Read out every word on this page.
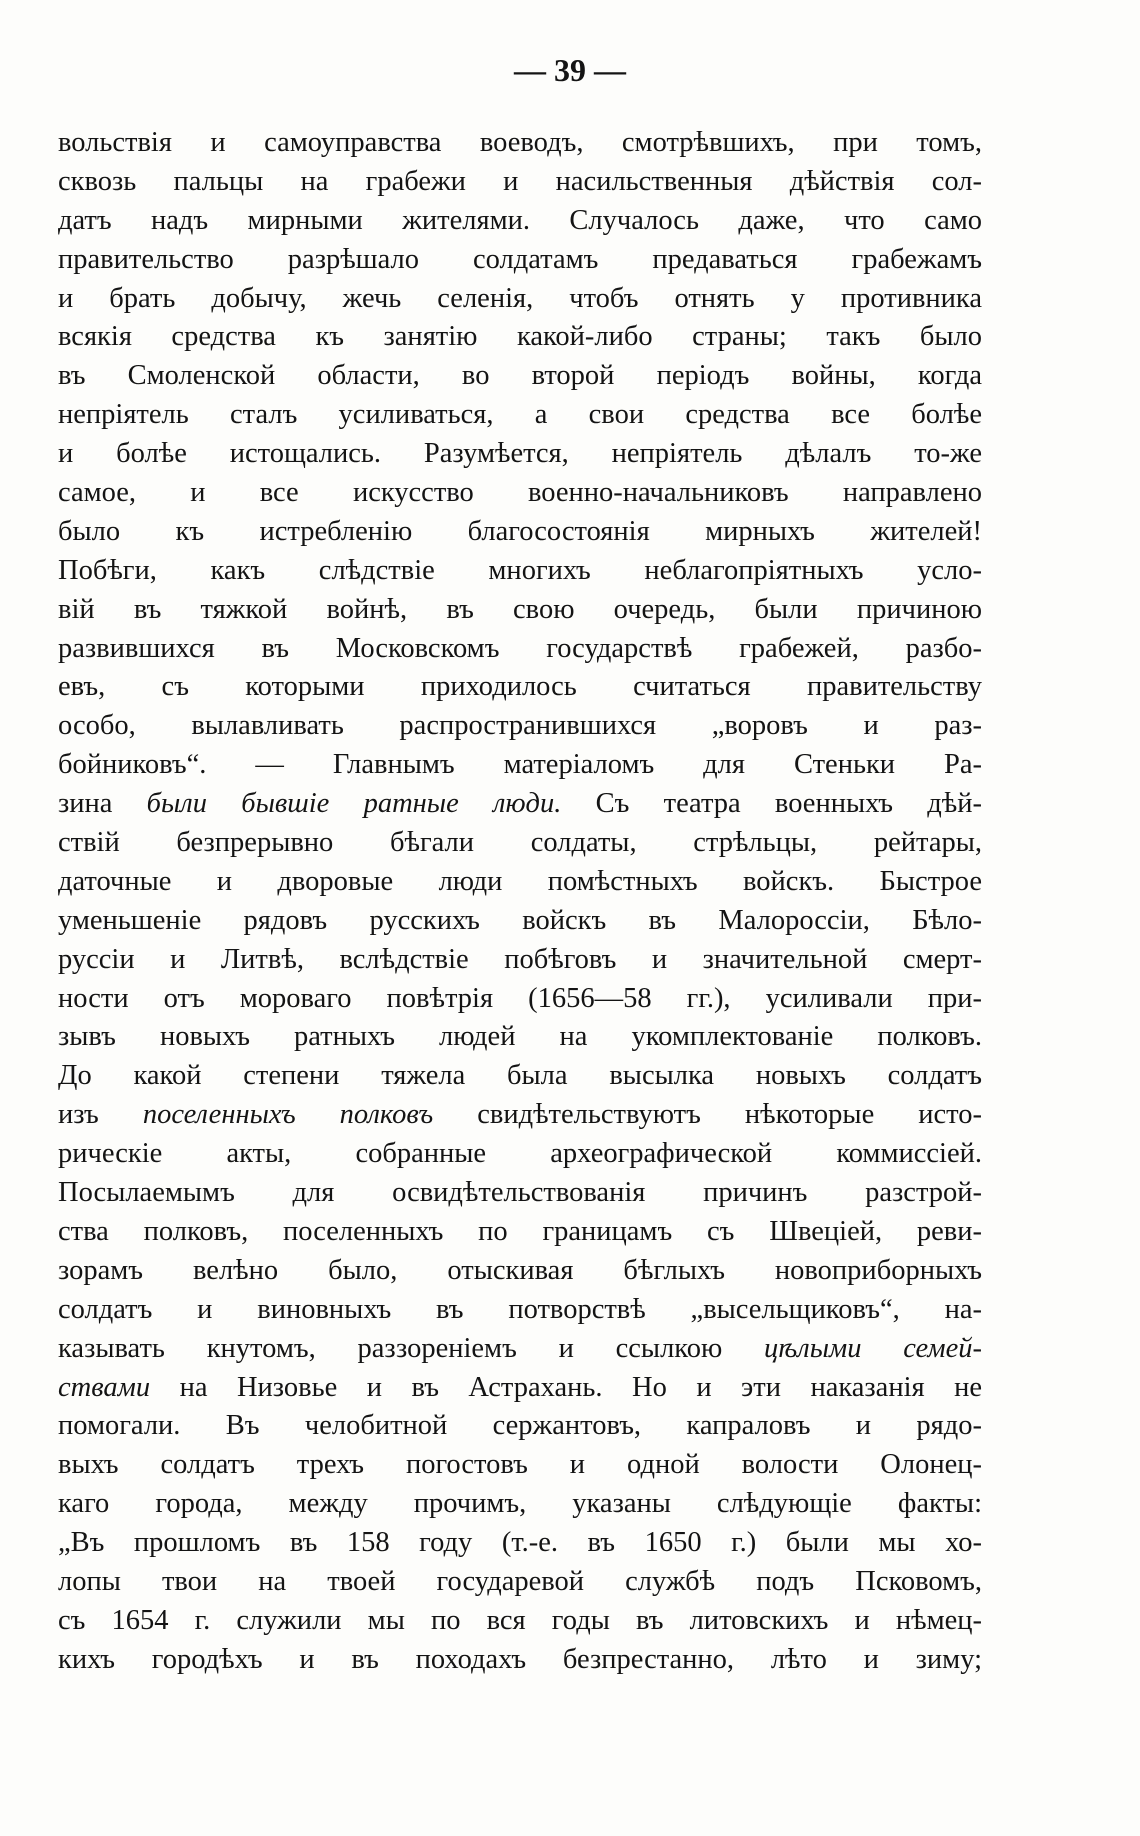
— 39 —
вольствія и самоуправства воеводъ, смотрѣвшихъ, при томъ,
сквозь пальцы на грабежи и насильственныя дѣйствія сол-
датъ надъ мирными жителями. Случалось даже, что само
правительство разрѣшало солдатамъ предаваться грабежамъ
и брать добычу, жечь селенія, чтобъ отнять у противника
всякія средства къ занятію какой-либо страны; такъ было
въ Смоленской области, во второй періодъ войны, когда
непріятель сталъ усиливаться, а свои средства все болѣе
и болѣе истощались. Разумѣется, непріятель дѣлалъ то-же
самое, и все искусство военно-начальниковъ направлено
было къ истребленію благосостоянія мирныхъ жителей!
Побѣги, какъ слѣдствіе многихъ неблагопріятныхъ усло-
вій въ тяжкой войнѣ, въ свою очередь, были причиною
развившихся въ Московскомъ государствѣ грабежей, разбо-
евъ, съ которыми приходилось считаться правительству
особо, вылавливать распространившихся „воровъ и раз-
бойниковъ“. — Главнымъ матеріаломъ для Стеньки Ра-
зина были бывшіе ратные люди. Съ театра военныхъ дѣй-
ствій безпрерывно бѣгали солдаты, стрѣльцы, рейтары,
даточные и дворовые люди помѣстныхъ войскъ. Быстрое
уменьшеніе рядовъ русскихъ войскъ въ Малороссіи, Бѣло-
руссіи и Литвѣ, вслѣдствіе побѣговъ и значительной смерт-
ности отъ мороваго повѣтрія (1656—58 гг.), усиливали при-
зывъ новыхъ ратныхъ людей на укомплектованіе полковъ.
До какой степени тяжела была высылка новыхъ солдатъ
изъ поселенныхъ полковъ свидѣтельствуютъ нѣкоторые исто-
рическіе акты, собранные археографической коммиссіей.
Посылаемымъ для освидѣтельствованія причинъ разстрой-
ства полковъ, поселенныхъ по границамъ съ Швеціей, реви-
зорамъ велѣно было, отыскивая бѣглыхъ новоприборныхъ
солдатъ и виновныхъ въ потворствѣ „высельщиковъ“, на-
казывать кнутомъ, раззореніемъ и ссылкою цѣлыми семей-
ствами на Низовье и въ Астрахань. Но и эти наказанія не
помогали. Въ челобитной сержантовъ, капраловъ и рядо-
выхъ солдатъ трехъ погостовъ и одной волости Олонец-
каго города, между прочимъ, указаны слѣдующіе факты:
„Въ прошломъ въ 158 году (т.-е. въ 1650 г.) были мы хо-
лопы твои на твоей государевой службѣ подъ Псковомъ,
съ 1654 г. служили мы по вся годы въ литовскихъ и нѣмец-
кихъ городѣхъ и въ походахъ безпрестанно, лѣто и зиму;
